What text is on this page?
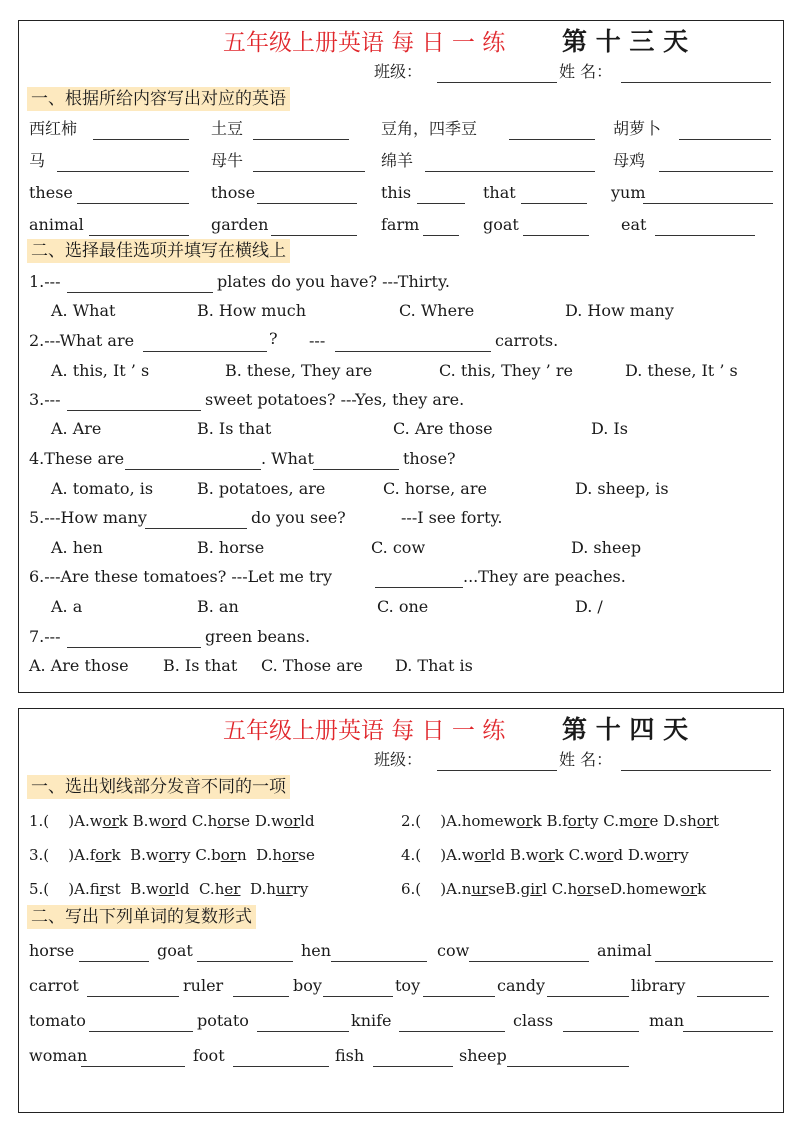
五年级上册英语 每 日 一 练 第 十 三 天
班级：	姓 名：
一、根据所给内容写出对应的英语
西红柿	土豆	豆角，四季豆	胡萝卜
马	母牛	绵羊	母鸡
these	those	this	that	yum
animal	garden	farm	goat	eat
二、选择最佳选项并填写在横线上
1.---	plates do you have? ---Thirty.
A. What	B. How much	C. Where	D. How many
2.---What are	? ---	carrots.
A. this, It ’ s	B. these, They are	C. this, They ’ re	D. these, It ’ s
3.---	sweet potatoes? ---Yes, they are.
A. Are	B. Is that	C. Are those	D. Is
4.These are	. What	those?
A. tomato, is	B. potatoes, are	C. horse, are	D. sheep, is
5.---How many	do you see?	---I see forty.
A. hen	B. horse	C. cow	D. sheep
6.---Are these tomatoes? ---Let me try	...They are peaches.
A. a	B. an	C. one	D. /
7.---	green beans.
A. Are those B. Is that C. Those are D. That is
五年级上册英语 每 日 一 练 第 十 四 天
班级：	姓 名：
一、选出划线部分发音不同的一项
1.( )A.work B.word C.horse D.world	2.( )A.homework B.forty C.more D.short
3.( )A.fork B.worry C.born D.horse	4.( )A.world B.work C.word D.worry
5.( )A.first B.world C.her D.hurry	6.( )A.nurseB.girl C.horseD.homework
二、写出下列单词的复数形式
horse	goat	hen	cow	animal
carrot	ruler	boy	toy	candy	library
tomato	potato	knife	class	man
woman	foot	fish	sheep
